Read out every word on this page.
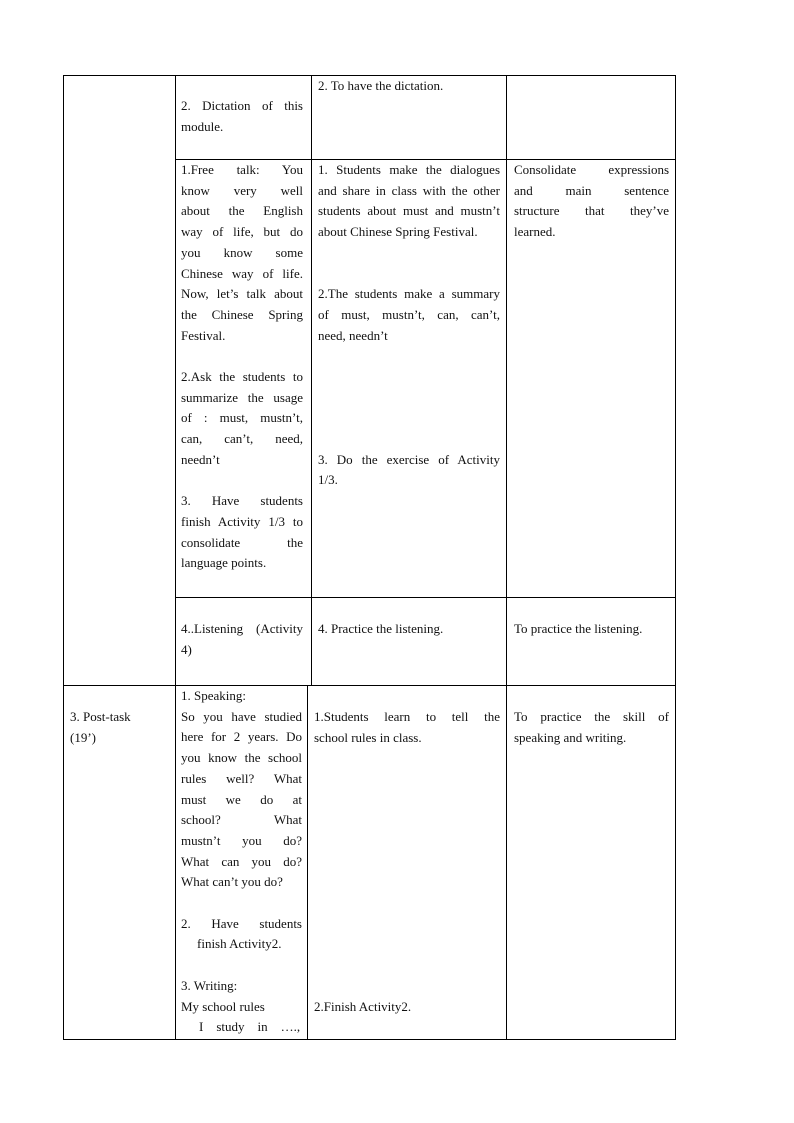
2. Dictation of this

module.

2. To have the dictation.

1.Free talk: You

know very well

about the English

way of life, but do

you know some

Chinese way of life.

Now, let’s talk about

the Chinese Spring

Festival.

2.Ask the students to

summarize the usage

of : must, mustn’t,

can, can’t, need,

needn’t

3. Have students

finish Activity 1/3 to

consolidate the

language points.

1. Students make the dialogues

and share in class with the other

students about must and mustn’t

about Chinese Spring Festival.

2.The students make a summary

of must, mustn’t, can, can’t,

need, needn’t

3. Do the exercise of Activity

1/3.

Consolidate expressions

and main sentence

structure that they’ve

learned.

4..Listening (Activity

4)

4. Practice the listening.	To practice the listening.

3. Post-task

(19’)

1. Speaking:

So you have studied

here for 2 years. Do

you know the school

rules well? What

must we do at

school? What

mustn’t you do?

What can you do?

What can’t you do?

2. Have students

finish Activity2.

3. Writing:

My school rules

I    study    in    ….,

1.Students learn to tell the

school rules in class.

2.Finish Activity2.

To practice the skill of

speaking and writing.
